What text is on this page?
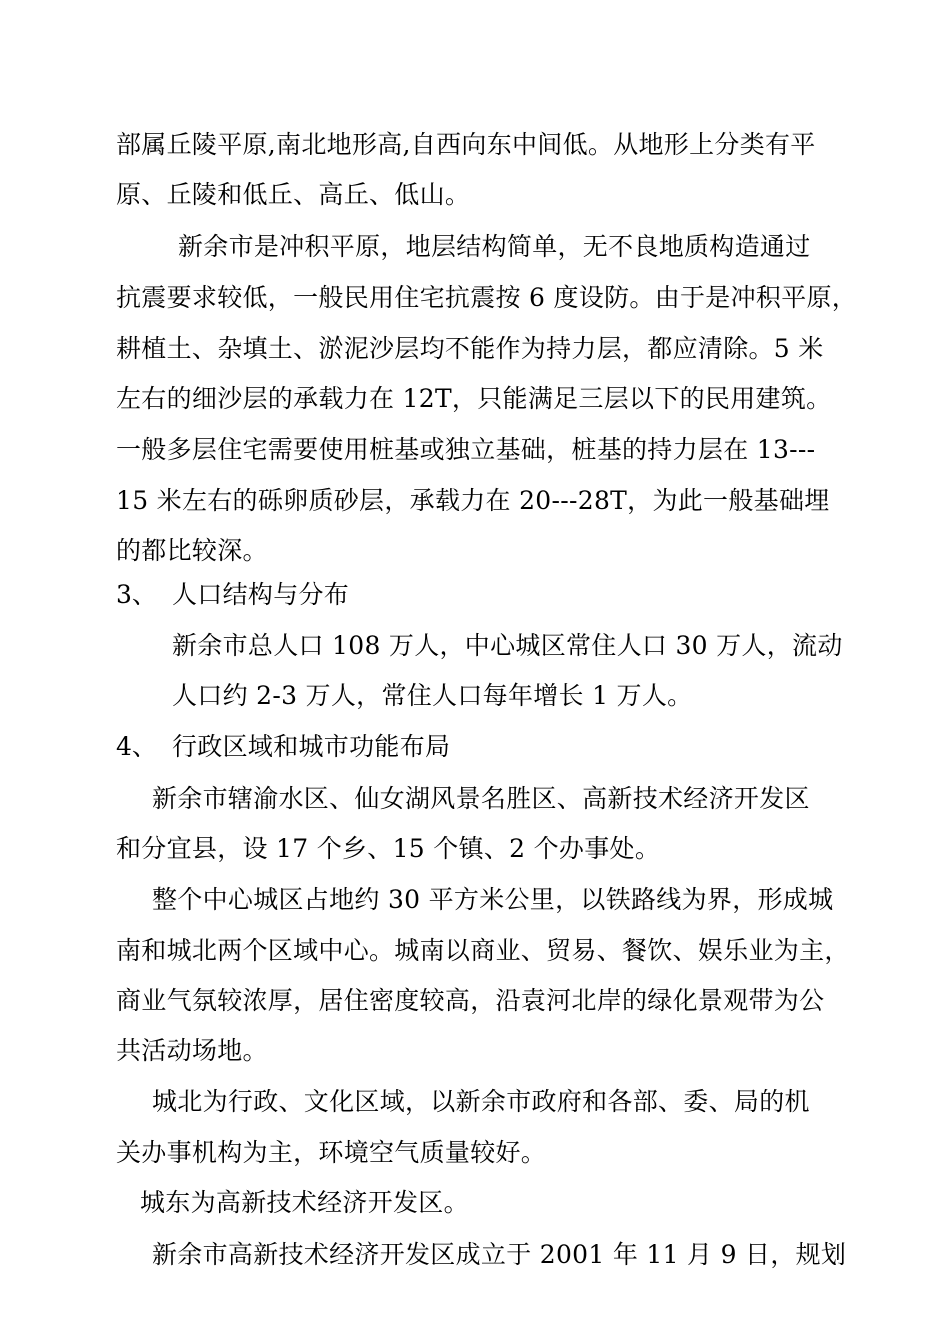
部属丘陵平原,南北地形高,自西向东中间低。从地形上分类有平
原、丘陵和低丘、高丘、低山。
新余市是冲积平原，地层结构简单，无不良地质构造通过
抗震要求较低，一般民用住宅抗震按 6 度设防。由于是冲积平原，
耕植土、杂填土、淤泥沙层均不能作为持力层，都应清除。5 米
左右的细沙层的承载力在 12T，只能满足三层以下的民用建筑。
一般多层住宅需要使用桩基或独立基础，桩基的持力层在 13---
15 米左右的砾卵质砂层，承载力在 20---28T，为此一般基础埋
的都比较深。
3、 人口结构与分布
新余市总人口 108 万人，中心城区常住人口 30 万人，流动
人口约 2-3 万人，常住人口每年增长 1 万人。
4、 行政区域和城市功能布局
新余市辖渝水区、仙女湖风景名胜区、高新技术经济开发区
和分宜县，设 17 个乡、15 个镇、2 个办事处。
整个中心城区占地约 30 平方米公里，以铁路线为界，形成城
南和城北两个区域中心。城南以商业、贸易、餐饮、娱乐业为主，
商业气氛较浓厚，居住密度较高，沿袁河北岸的绿化景观带为公
共活动场地。
城北为行政、文化区域，以新余市政府和各部、委、局的机
关办事机构为主，环境空气质量较好。
城东为高新技术经济开发区。
新余市高新技术经济开发区成立于 2001 年 11 月 9 日，规划
